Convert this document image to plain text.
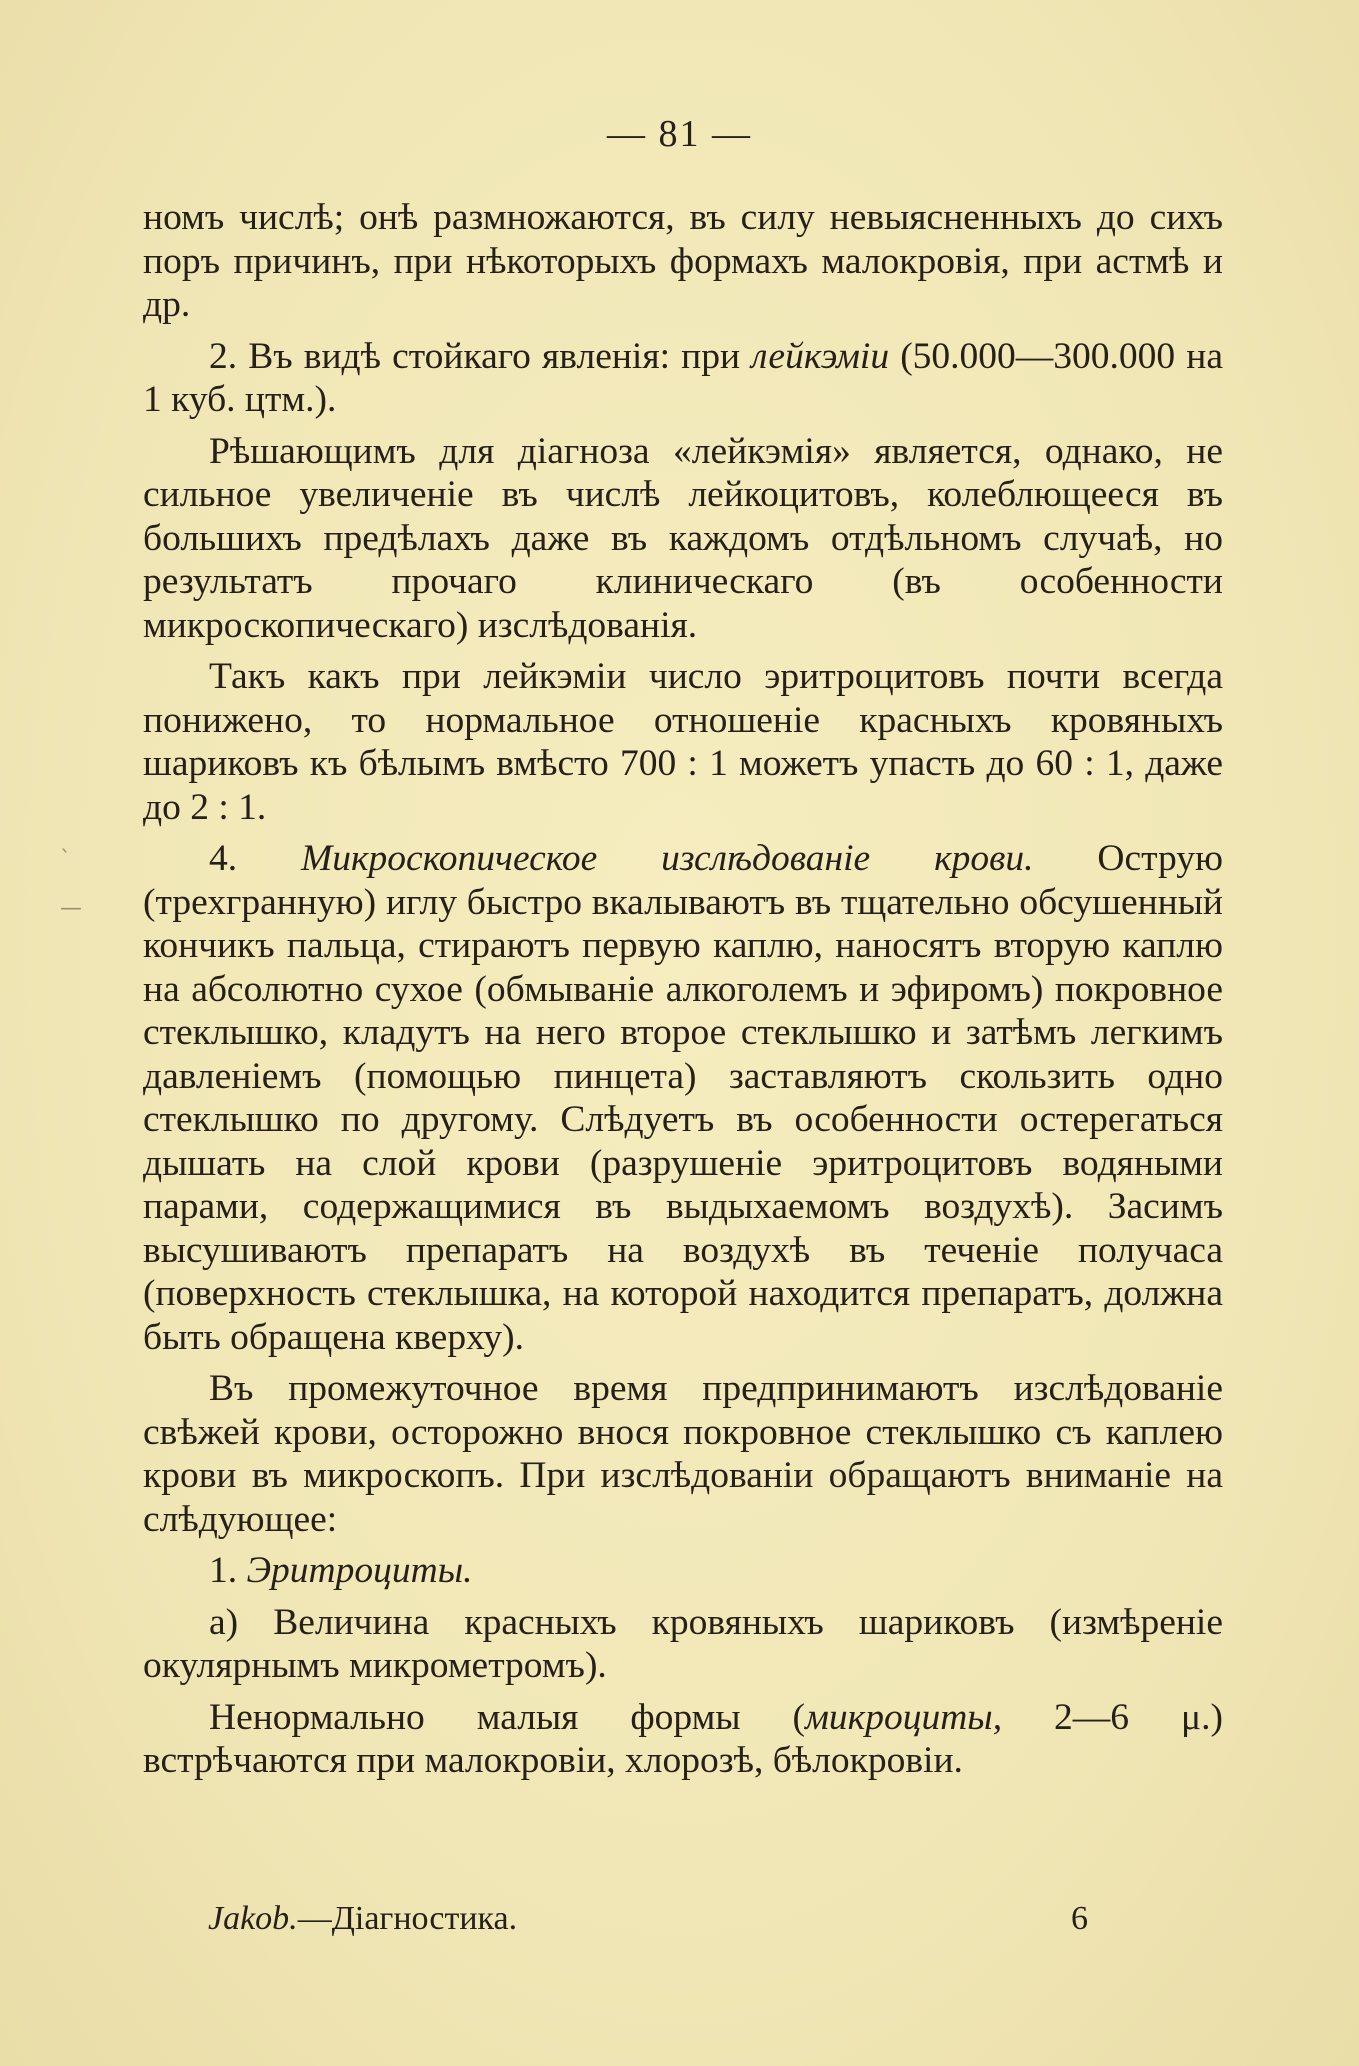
— 81 —
ˎ
—

номъ числѣ; онѣ размножаются, въ силу невыясненныхъ до сихъ поръ причинъ, при нѣкоторыхъ формахъ малокровія, при астмѣ и др.

2. Въ видѣ стойкаго явленія: при лейкэміи (50.000—300.000 на 1 куб. цтм.).

Рѣшающимъ для діагноза «лейкэмія» является, однако, не сильное увеличеніе въ числѣ лейкоцитовъ, колеблющееся въ большихъ предѣлахъ даже въ каждомъ отдѣльномъ случаѣ, но результатъ прочаго клиническаго (въ особенности микроскопическаго) изслѣдованія.

Такъ какъ при лейкэміи число эритроцитовъ почти всегда понижено, то нормальное отношеніе красныхъ кровяныхъ шариковъ къ бѣлымъ вмѣсто 700 : 1 можетъ упасть до 60 : 1, даже до 2 : 1.

4. Микроскопическое изслѣдованіе крови. Острую (трехгранную) иглу быстро вкалываютъ въ тщательно обсушенный кончикъ пальца, стираютъ первую каплю, наносятъ вторую каплю на абсолютно сухое (обмываніе алкоголемъ и эфиромъ) покровное стеклышко, кладутъ на него второе стеклышко и затѣмъ легкимъ давленіемъ (помощью пинцета) заставляютъ скользить одно стеклышко по другому. Слѣдуетъ въ особенности остерегаться дышать на слой крови (разрушеніе эритроцитовъ водяными парами, содержащимися въ выдыхаемомъ воздухѣ). Засимъ высушиваютъ препаратъ на воздухѣ въ теченіе получаса (поверхность стеклышка, на которой находится препаратъ, должна быть обращена кверху).

Въ промежуточное время предпринимаютъ изслѣдованіе свѣжей крови, осторожно внося покровное стеклышко съ каплею крови въ микроскопъ. При изслѣдованіи обращаютъ вниманіе на слѣдующее:

1. Эритроциты.

а) Величина красныхъ кровяныхъ шариковъ (измѣреніе окулярнымъ микрометромъ).

Ненормально малыя формы (микроциты, 2—6 μ.) встрѣчаются при малокровіи, хлорозѣ, бѣлокровіи.

Jakob.—Діагностика.	6
